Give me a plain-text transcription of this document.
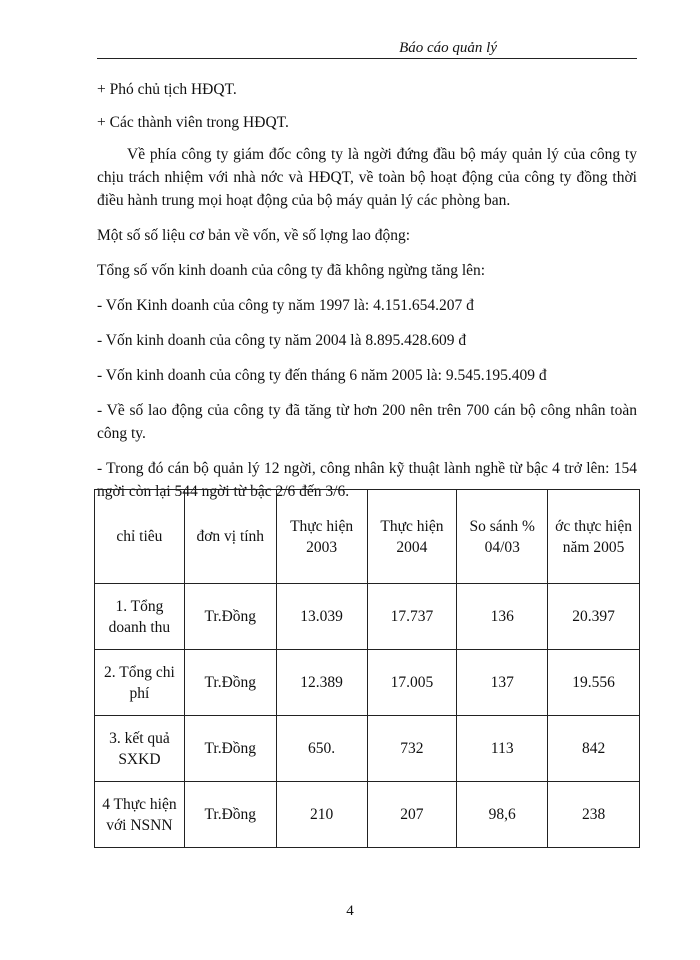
Báo cáo quản lý

+ Phó chủ tịch HĐQT.

+ Các thành viên trong HĐQT.

Về phía công ty giám đốc công ty là ngời đứng đầu bộ máy quản lý của công ty chịu trách nhiệm với nhà nớc và HĐQT, về toàn bộ hoạt động của công ty đồng thời điều hành trung mọi hoạt động của bộ máy quản lý các phòng ban.

Một số số liệu cơ bản về vốn, về số lợng lao động:

Tổng số vốn kinh doanh của công ty đã không ngừng tăng lên:

- Vốn Kinh doanh của công ty năm 1997 là: 4.151.654.207 đ

- Vốn kinh doanh của công ty năm 2004 là 8.895.428.609 đ

- Vốn kinh doanh của công ty đến tháng 6 năm 2005 là: 9.545.195.409 đ

- Về số lao động của công ty đã tăng từ hơn 200 nên trên 700 cán bộ công nhân toàn công ty.

- Trong đó cán bộ quản lý 12 ngời, công nhân kỹ thuật lành nghề từ bậc 4 trở lên: 154 ngời còn lại 544 ngời từ bậc 2/6 đến 3/6.

chỉ tiêu	đơn vị tính	Thực hiện 2003	Thực hiện 2004	So sánh % 04/03	ớc thực hiện năm 2005
1. Tổng doanh thu	Tr.Đồng	13.039	17.737	136	20.397
2. Tổng chi phí	Tr.Đồng	12.389	17.005	137	19.556
3. kết quả SXKD	Tr.Đồng	650.	732	113	842
4 Thực hiện với NSNN	Tr.Đồng	210	207	98,6	238
4
